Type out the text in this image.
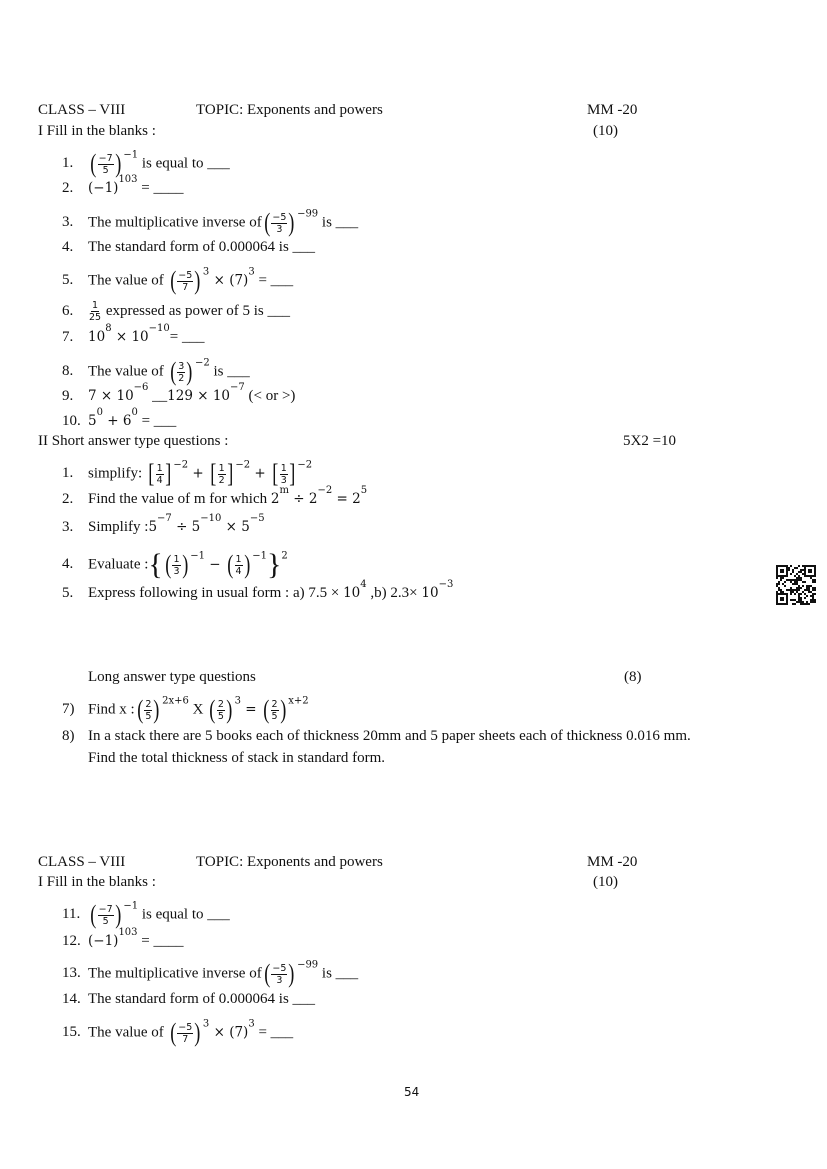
CLASS – VIII	TOPIC: Exponents and powers	MM -20
I Fill in the blanks :	(10)
II Short answer type questions :	5X2 =10
Long answer type questions	(8)
CLASS – VIII	TOPIC: Exponents and powers	MM -20
I Fill in the blanks :	(10)
54
1. ( $\frac{-7}{5}$ ) $^{-1}$ is equal to ___
2. $(-1)^{103}$ = ____
3. The multiplicative inverse of ( $\frac{-5}{3}$ ) $^{-99}$ is ___
4. The standard form of 0.000064 is ___
5. The value of ( $\frac{-5}{7}$ ) $^3 \times (7)^3$ = ___
6. $\frac{1}{25}$ expressed as power of 5 is ___
7. $10^8 \times 10^{-10}=$ ___
8. The value of ( $\frac{3}{2}$ ) $^{-2}$ is ___
9. $7 \times 10^{-6}$ __129 × $10^{-7}$ (< or >)
10. $5^0 + 6^0$ = ___
1. simplify: [ $\frac{1}{4}$ ] $^{-2}$ + [ $\frac{1}{2}$ ] $^{-2}$ + [ $\frac{1}{3}$ ] $^{-2}$
2. Find the value of m for which $2^m \div 2^{-2} = 2^5$
3. Simplify $:5^{-7} \div 5^{-10} \times 5^{-5}$
4. Evaluate :{ ( $\frac{1}{3}$ ) $^{-1}$ − ( $\frac{1}{4}$ ) $^{-1}$}$^2$
5. Express following in usual form : a) $7.5 \times 10^4$ ,b) $2.3\times 10^{-3}$
7) Find x : ( $\frac{2}{5}$ ) $^{2x+6}$ X ( $\frac{2}{5}$ ) $^3$ = ( $\frac{2}{5}$ ) $^{x+2}$
8) In a stack there are 5 books each of thickness 20mm and 5 paper sheets each of thickness 0.016 mm.
Find the total thickness of stack in standard form.
11. ( $\frac{-7}{5}$ ) $^{-1}$ is equal to ___
12. $(-1)^{103}$ = ____
13. The multiplicative inverse of ( $\frac{-5}{3}$ ) $^{-99}$ is ___
14. The standard form of 0.000064 is ___
15. The value of ( $\frac{-5}{7}$ ) $^3 \times (7)^3$ = ___
